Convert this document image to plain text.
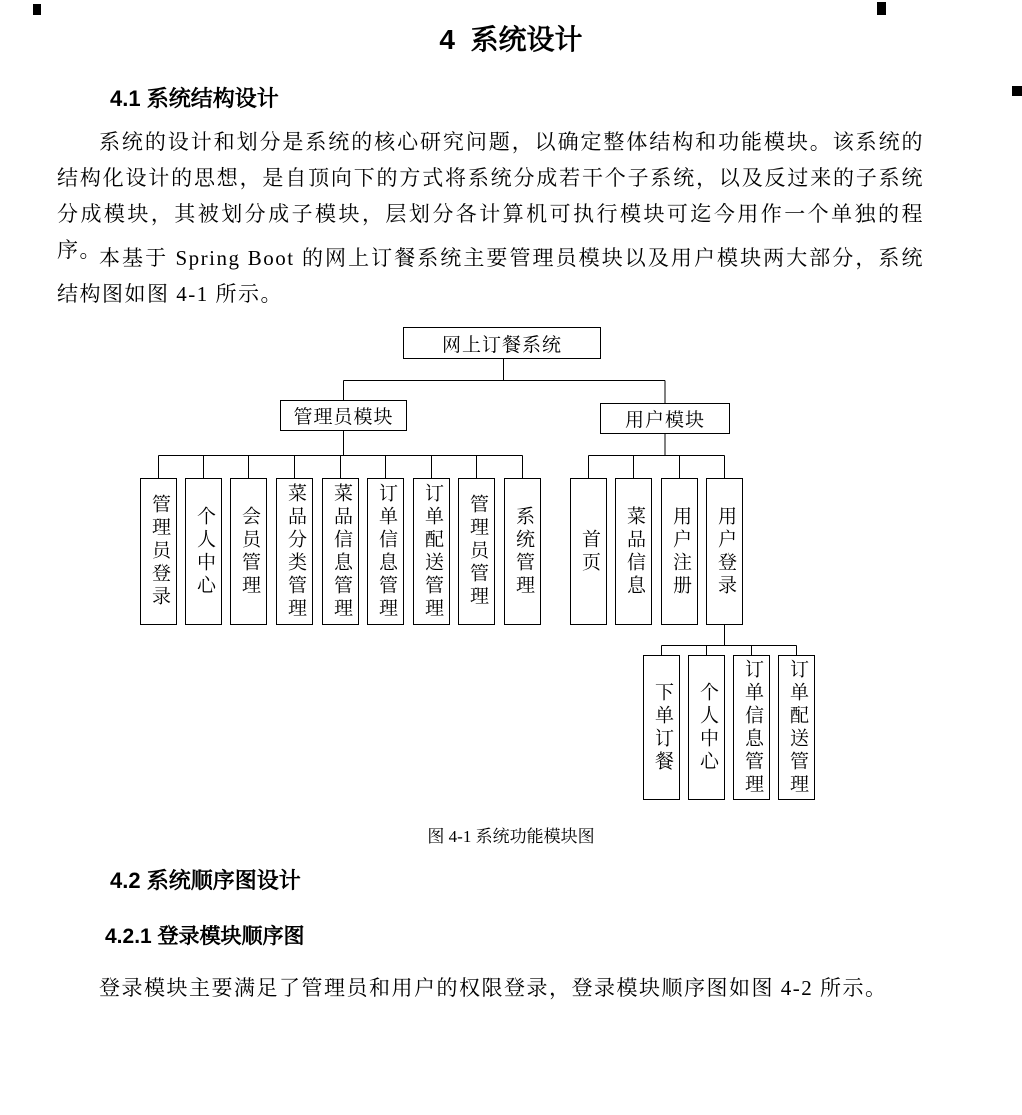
4  系统设计
4.1 系统结构设计

系统的设计和划分是系统的核心研究问题，以确定整体结构和功能模块。该系统的结构化设计的思想，是自顶向下的方式将系统分成若干个子系统，以及反过来的子系统分成模块，其被划分成子模块，层划分各计算机可执行模块可迄今用作一个单独的程序。

本基于 Spring Boot 的网上订餐系统主要管理员模块以及用户模块两大部分，系统结构图如图 4-1 所示。

网上订餐系统
管理员模块	用户模块
管理员登录 个人中心 会员管理 菜品分类管理 菜品信息管理 订单信息管理 订单配送管理 管理员管理 系统管理 首页 菜品信息 用户注册 用户登录
下单订餐 个人中心 订单信息管理 订单配送管理

图 4-1 系统功能模块图

4.2 系统顺序图设计
4.2.1 登录模块顺序图

登录模块主要满足了管理员和用户的权限登录，登录模块顺序图如图 4-2 所示。
